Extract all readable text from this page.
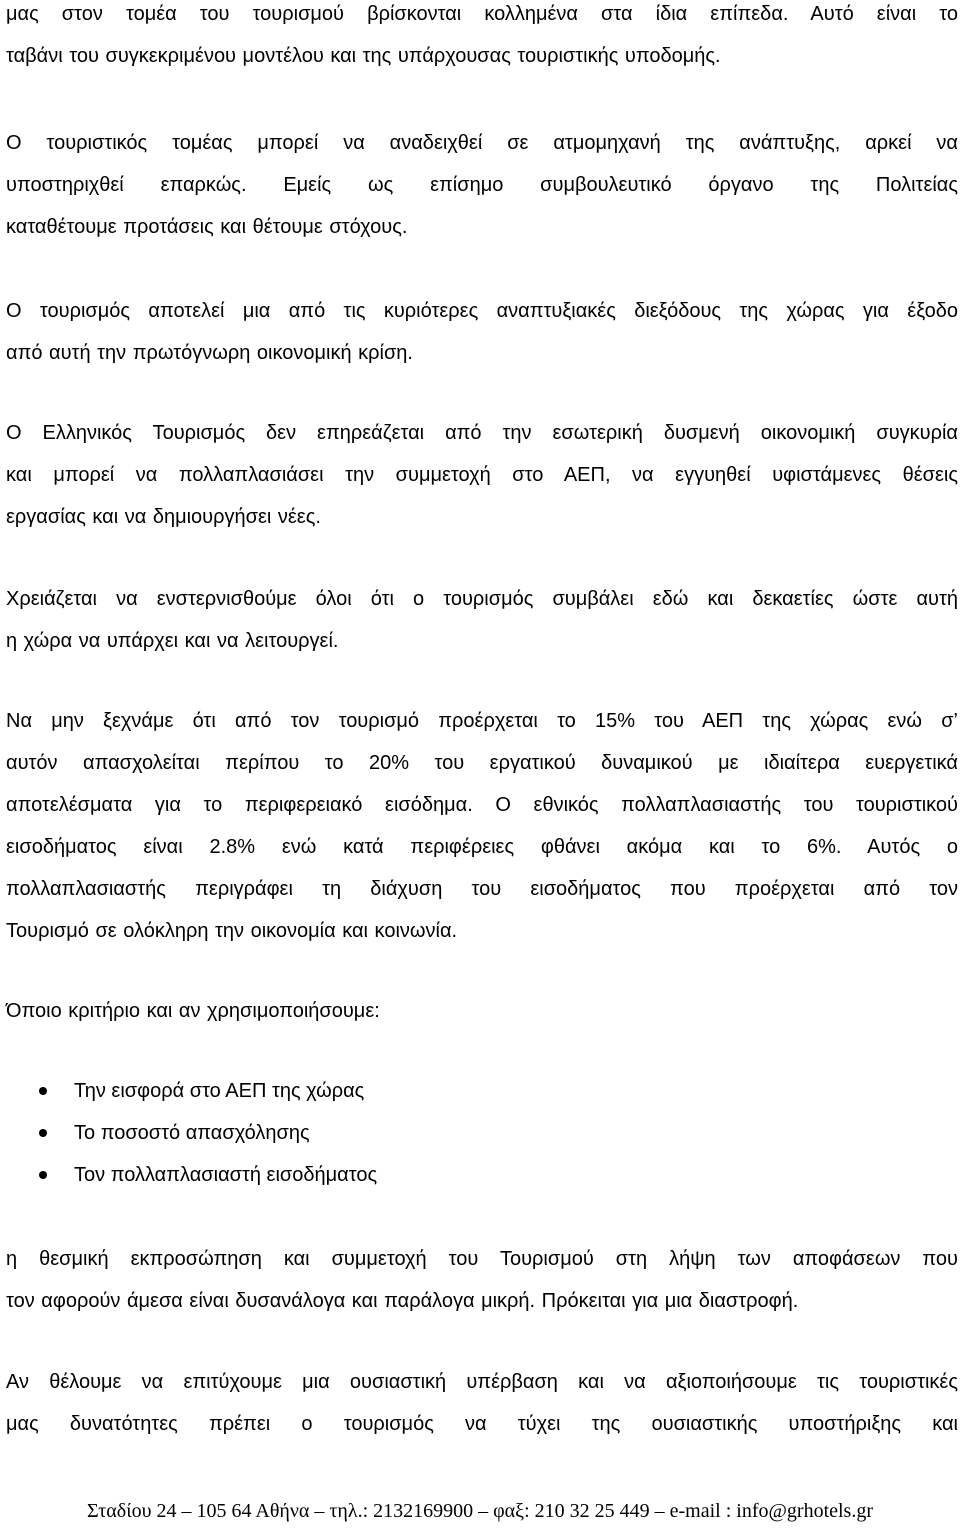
μας στον τομέα του τουρισμού βρίσκονται κολλημένα στα ίδια επίπεδα. Αυτό είναι το
ταβάνι του συγκεκριμένου μοντέλου και της υπάρχουσας τουριστικής υποδομής.

Ο τουριστικός τομέας μπορεί να αναδειχθεί σε ατμομηχανή της ανάπτυξης, αρκεί να
υποστηριχθεί επαρκώς. Εμείς ως επίσημο συμβουλευτικό όργανο της Πολιτείας
καταθέτουμε προτάσεις και θέτουμε στόχους.

Ο τουρισμός αποτελεί μια από τις κυριότερες αναπτυξιακές διεξόδους της χώρας για έξοδο
από αυτή την πρωτόγνωρη οικονομική κρίση.

Ο Ελληνικός Τουρισμός δεν επηρεάζεται από την εσωτερική δυσμενή οικονομική συγκυρία
και μπορεί να πολλαπλασιάσει την συμμετοχή στο ΑΕΠ, να εγγυηθεί υφιστάμενες θέσεις
εργασίας και να δημιουργήσει νέες.

Χρειάζεται να ενστερνισθούμε όλοι ότι ο τουρισμός συμβάλει εδώ και δεκαετίες ώστε αυτή
η χώρα να υπάρχει και να λειτουργεί.

Να μην ξεχνάμε ότι από τον τουρισμό προέρχεται το 15% του ΑΕΠ της χώρας ενώ σ’
αυτόν απασχολείται περίπου το 20% του εργατικού δυναμικού με ιδιαίτερα ευεργετικά
αποτελέσματα για το περιφερειακό εισόδημα. Ο εθνικός πολλαπλασιαστής του τουριστικού
εισοδήματος είναι 2.8% ενώ κατά περιφέρειες φθάνει ακόμα και το 6%. Αυτός ο
πολλαπλασιαστής περιγράφει τη διάχυση του εισοδήματος που προέρχεται από τον
Τουρισμό σε ολόκληρη την οικονομία και κοινωνία.

Όποιο κριτήριο και αν χρησιμοποιήσουμε:

Την εισφορά στο ΑΕΠ της χώρας
Το ποσοστό απασχόλησης
Τον πολλαπλασιαστή εισοδήματος

η θεσμική εκπροσώπηση και συμμετοχή του Τουρισμού στη λήψη των αποφάσεων που
τον αφορούν άμεσα είναι δυσανάλογα και παράλογα μικρή. Πρόκειται για μια διαστροφή.

Αν θέλουμε να επιτύχουμε μια ουσιαστική υπέρβαση και να αξιοποιήσουμε τις τουριστικές
μας δυνατότητες πρέπει ο τουρισμός να τύχει της ουσιαστικής υποστήριξης και

Σταδίου 24 – 105 64 Αθήνα – τηλ.: 2132169900 – φαξ: 210 32 25 449 – e-mail : info@grhotels.gr
